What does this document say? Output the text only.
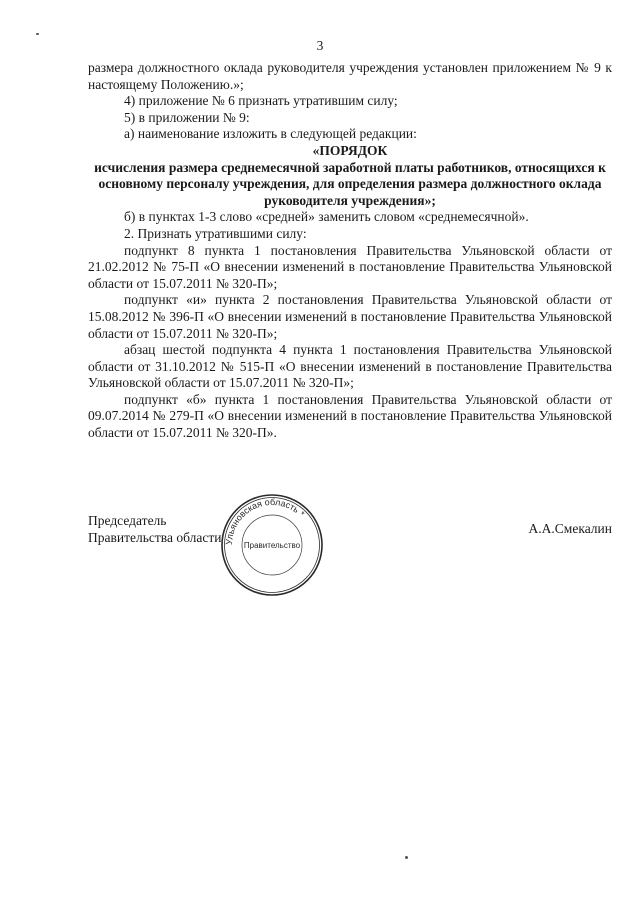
3

размера должностного оклада руководителя учреждения установлен приложением № 9 к настоящему Положению.»;

4) приложение № 6 признать утратившим силу;

5) в приложении № 9:

а) наименование изложить в следующей редакции:

«ПОРЯДОК

исчисления размера среднемесячной заработной платы работников, относящихся к основному персоналу учреждения, для определения размера должностного оклада руководителя учреждения»;

б) в пунктах 1-3 слово «средней» заменить словом «среднемесячной».

2. Признать утратившими силу:

подпункт 8 пункта 1 постановления Правительства Ульяновской области от 21.02.2012 № 75-П «О внесении изменений в постановление Правительства Ульяновской области от 15.07.2011 № 320-П»;

подпункт «и» пункта 2 постановления Правительства Ульяновской области от 15.08.2012 № 396-П «О внесении изменений в постановление Правительства Ульяновской области от 15.07.2011 № 320-П»;

абзац шестой подпункта 4 пункта 1 постановления Правительства Ульяновской области от 31.10.2012 № 515-П «О внесении изменений в постановление Правительства Ульяновской области от 15.07.2011 № 320-П»;

подпункт «б» пункта 1 постановления Правительства Ульяновской области от 09.07.2014 № 279-П «О внесении изменений в постановление Правительства Ульяновской области от 15.07.2011 № 320-П».

Председатель
Правительства области
А.А.Смекалин
Ульяновская область *
Правительство
